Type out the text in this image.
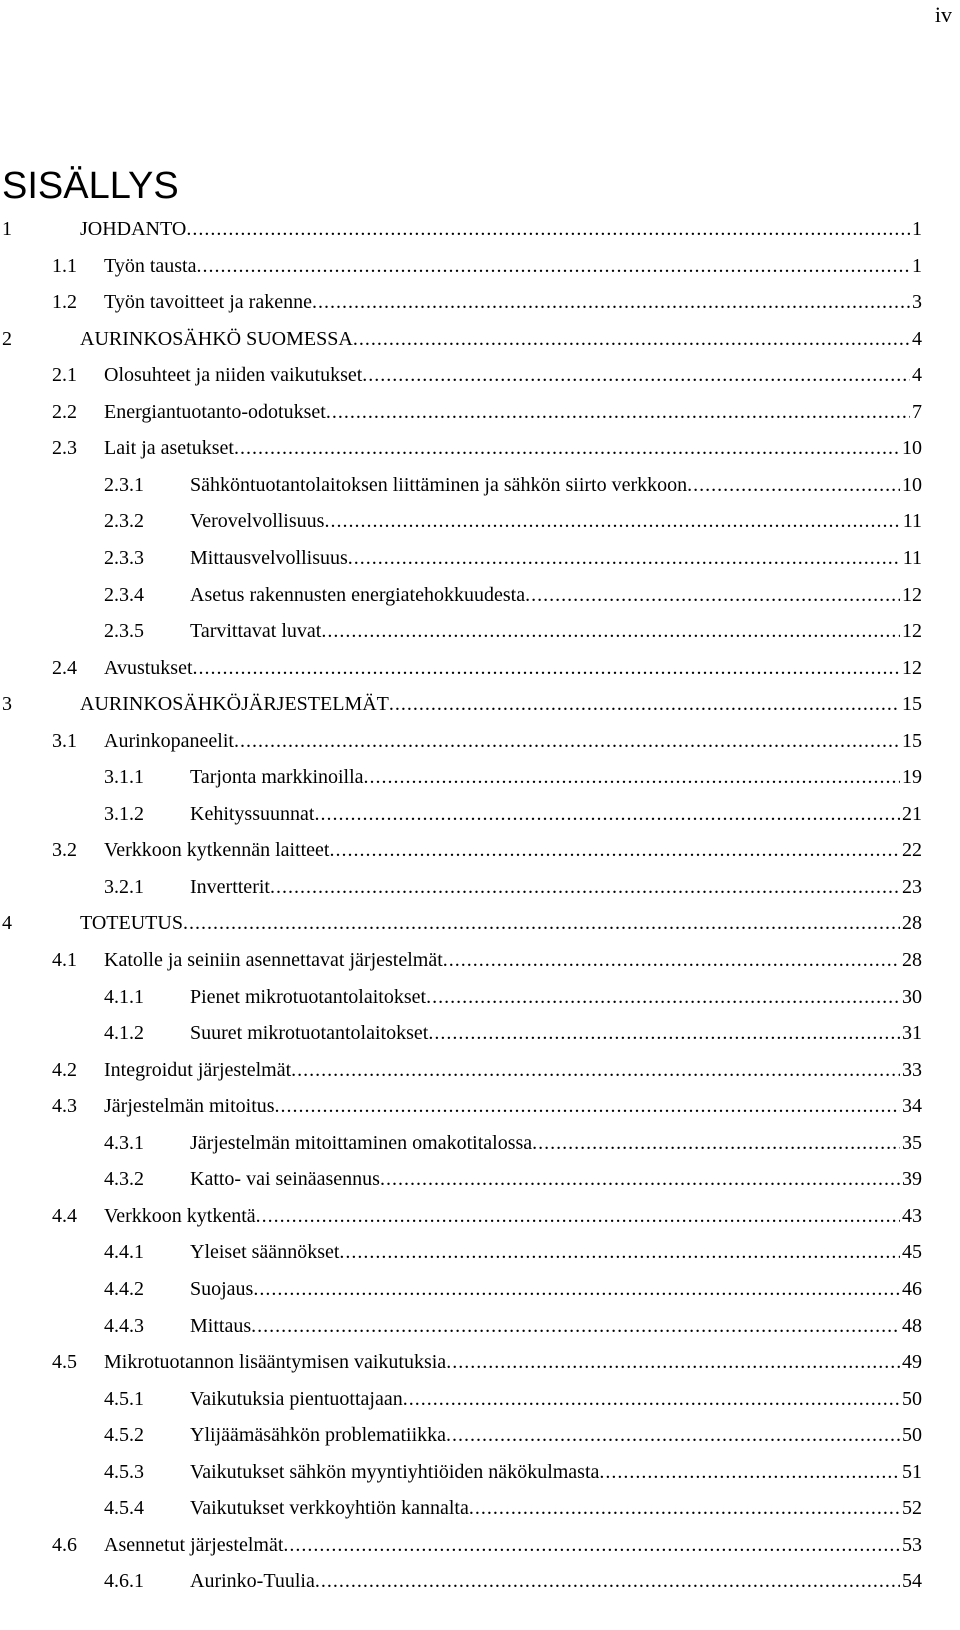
iv
SISÄLLYS
1	JOHDANTO .....	1
1.1 Työn tausta .....	1
1.2 Työn tavoitteet ja rakenne .....	3
2	AURINKOSÄHKÖ SUOMESSA .....	4
2.1 Olosuhteet ja niiden vaikutukset .....	4
2.2 Energiantuotanto-odotukset .....	7
2.3 Lait ja asetukset .....	10
2.3.1 Sähköntuotantolaitoksen liittäminen ja sähkön siirto verkkoon .....	10
2.3.2 Verovelvollisuus .....	11
2.3.3 Mittausvelvollisuus .....	11
2.3.4 Asetus rakennusten energiatehokkuudesta .....	12
2.3.5 Tarvittavat luvat .....	12
2.4 Avustukset .....	12
3	AURINKOSÄHKÖJÄRJESTELMÄT .....	15
3.1 Aurinkopaneelit .....	15
3.1.1 Tarjonta markkinoilla .....	19
3.1.2 Kehityssuunnat .....	21
3.2 Verkkoon kytkennän laitteet .....	22
3.2.1 Invertterit .....	23
4	TOTEUTUS .....	28
4.1 Katolle ja seiniin asennettavat järjestelmät .....	28
4.1.1 Pienet mikrotuotantolaitokset .....	30
4.1.2 Suuret mikrotuotantolaitokset .....	31
4.2 Integroidut järjestelmät .....	33
4.3 Järjestelmän mitoitus .....	34
4.3.1 Järjestelmän mitoittaminen omakotitalossa .....	35
4.3.2 Katto- vai seinäasennus .....	39
4.4 Verkkoon kytkentä .....	43
4.4.1 Yleiset säännökset .....	45
4.4.2 Suojaus .....	46
4.4.3 Mittaus .....	48
4.5 Mikrotuotannon lisääntymisen vaikutuksia .....	49
4.5.1 Vaikutuksia pientuottajaan .....	50
4.5.2 Ylijäämäsähkön problematiikka .....	50
4.5.3 Vaikutukset sähkön myyntiyhtiöiden näkökulmasta .....	51
4.5.4 Vaikutukset verkkoyhtiön kannalta .....	52
4.6 Asennetut järjestelmät .....	53
4.6.1 Aurinko-Tuulia .....	54
